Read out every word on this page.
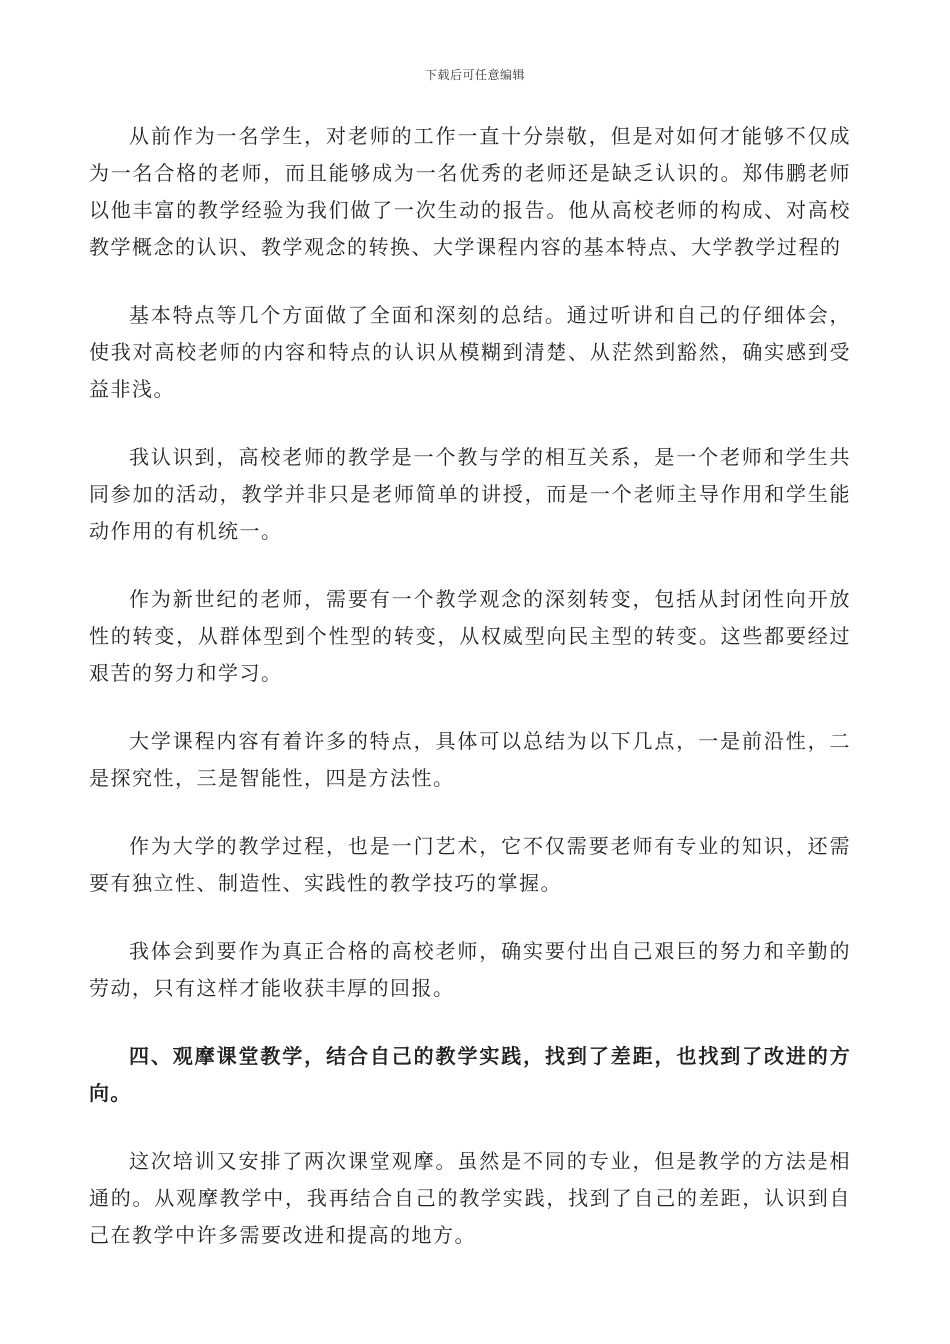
下载后可任意编辑

从前作为一名学生，对老师的工作一直十分崇敬，但是对如何才能够不仅成为一名合格的老师，而且能够成为一名优秀的老师还是缺乏认识的。郑伟鹏老师以他丰富的教学经验为我们做了一次生动的报告。他从高校老师的构成、对高校教学概念的认识、教学观念的转换、大学课程内容的基本特点、大学教学过程的

基本特点等几个方面做了全面和深刻的总结。通过听讲和自己的仔细体会，使我对高校老师的内容和特点的认识从模糊到清楚、从茫然到豁然，确实感到受益非浅。

我认识到，高校老师的教学是一个教与学的相互关系，是一个老师和学生共同参加的活动，教学并非只是老师简单的讲授，而是一个老师主导作用和学生能动作用的有机统一。

作为新世纪的老师，需要有一个教学观念的深刻转变，包括从封闭性向开放性的转变，从群体型到个性型的转变，从权威型向民主型的转变。这些都要经过艰苦的努力和学习。

大学课程内容有着许多的特点，具体可以总结为以下几点，一是前沿性，二是探究性，三是智能性，四是方法性。

作为大学的教学过程，也是一门艺术，它不仅需要老师有专业的知识，还需要有独立性、制造性、实践性的教学技巧的掌握。

我体会到要作为真正合格的高校老师，确实要付出自己艰巨的努力和辛勤的劳动，只有这样才能收获丰厚的回报。

四、观摩课堂教学，结合自己的教学实践，找到了差距，也找到了改进的方向。

这次培训又安排了两次课堂观摩。虽然是不同的专业，但是教学的方法是相通的。从观摩教学中，我再结合自己的教学实践，找到了自己的差距，认识到自己在教学中许多需要改进和提高的地方。
